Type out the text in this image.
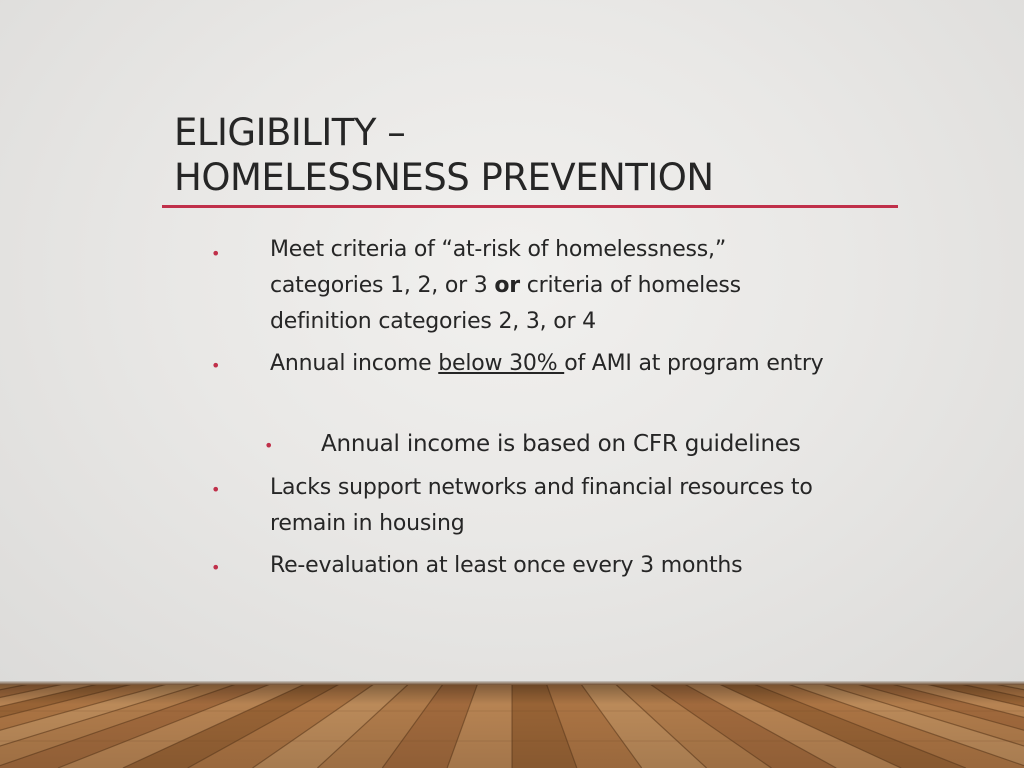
ELIGIBILITY –
HOMELESSNESS PREVENTION
• Meet criteria of “at-risk of homelessness,” categories 1, 2, or 3 or criteria of homeless definition categories 2, 3, or 4
• Annual income below 30% of AMI at program entry
• Annual income is based on CFR guidelines
• Lacks support networks and financial resources to remain in housing
• Re-evaluation at least once every 3 months
